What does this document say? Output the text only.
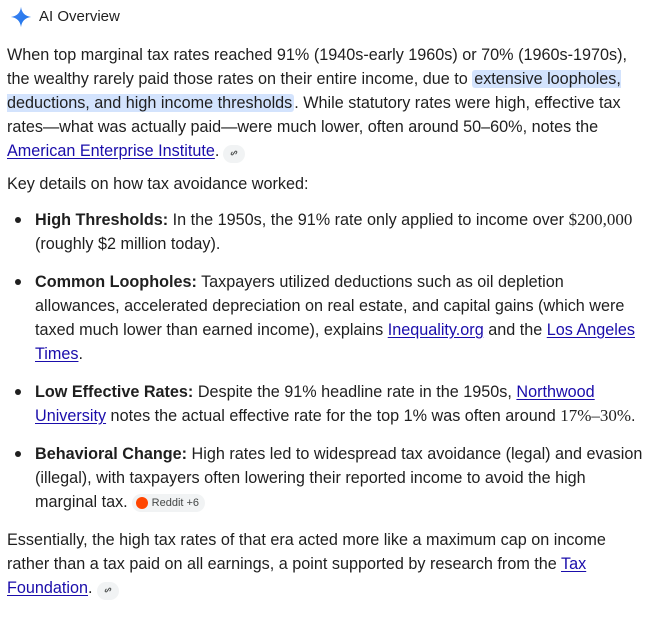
AI Overview

When top marginal tax rates reached 91% (1940s-early 1960s) or 70% (1960s-1970s), the wealthy rarely paid those rates on their entire income, due to extensive loopholes, deductions, and high income thresholds . While statutory rates were high, effective tax rates—what was actually paid—were much lower, often around 50–60%, notes the American Enterprise Institute.

Key details on how tax avoidance worked:

High Thresholds: In the 1950s, the 91% rate only applied to income over $200,000 (roughly $2 million today).
Common Loopholes: Taxpayers utilized deductions such as oil depletion allowances, accelerated depreciation on real estate, and capital gains (which were taxed much lower than earned income), explains Inequality.org and the Los Angeles Times.
Low Effective Rates: Despite the 91% headline rate in the 1950s, Northwood University notes the actual effective rate for the top 1% was often around 17%–30%.
Behavioral Change: High rates led to widespread tax avoidance (legal) and evasion (illegal), with taxpayers often lowering their reported income to avoid the high marginal tax. Reddit +6

Essentially, the high tax rates of that era acted more like a maximum cap on income rather than a tax paid on all earnings, a point supported by research from the Tax Foundation.
